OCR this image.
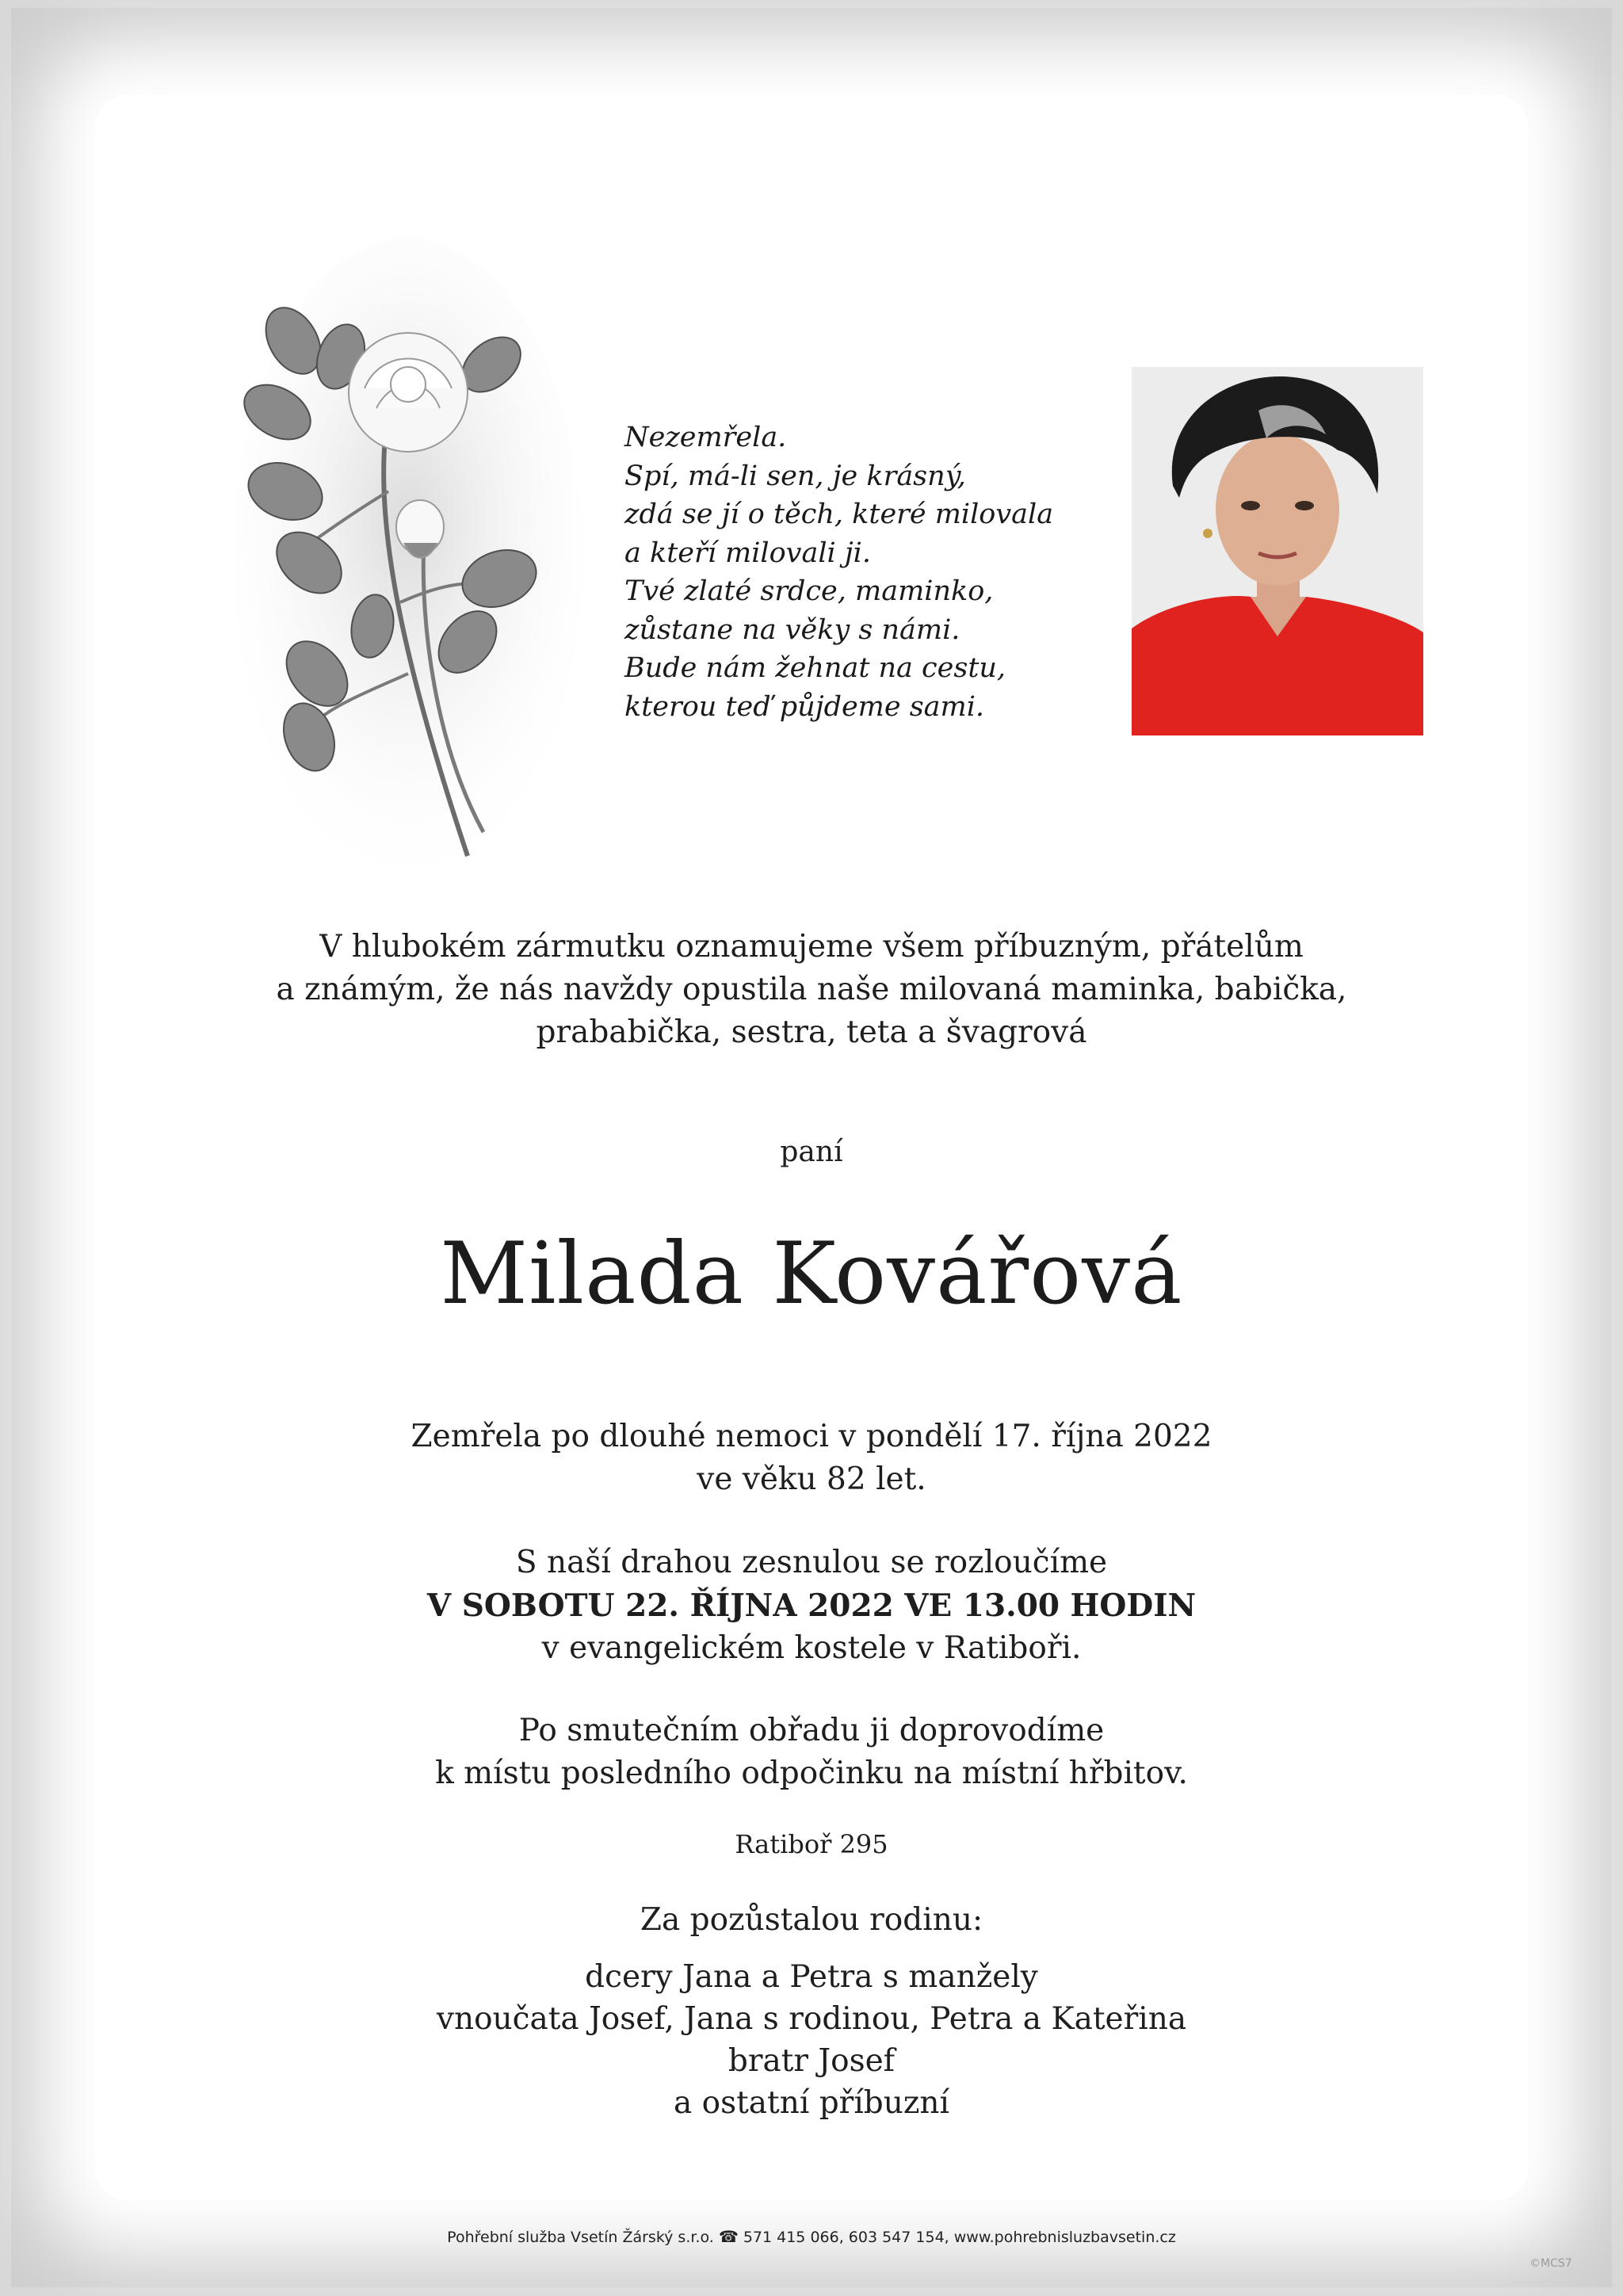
Nezemřela.
Spí, má-li sen, je krásný,
zdá se jí o těch, které milovala
a kteří milovali ji.
Tvé zlaté srdce, maminko,
zůstane na věky s námi.
Bude nám žehnat na cestu,
kterou teď půjdeme sami.
V hlubokém zármutku oznamujeme všem příbuzným, přátelům
a známým, že nás navždy opustila naše milovaná maminka, babička,
prababička, sestra, teta a švagrová
paní
Milada Kovářová
Zemřela po dlouhé nemoci v pondělí 17. října 2022
ve věku 82 let.
S naší drahou zesnulou se rozloučíme
V SOBOTU 22. ŘÍJNA 2022 VE 13.00 HODIN
v evangelickém kostele v Ratiboři.
Po smutečním obřadu ji doprovodíme
k místu posledního odpočinku na místní hřbitov.
Ratiboř 295
Za pozůstalou rodinu:
dcery Jana a Petra s manžely
vnoučata Josef, Jana s rodinou, Petra a Kateřina
bratr Josef
a ostatní příbuzní
Pohřební služba Vsetín Žárský s.r.o. ☎ 571 415 066, 603 547 154, www.pohrebnisluzbavsetin.cz
©MCS7
